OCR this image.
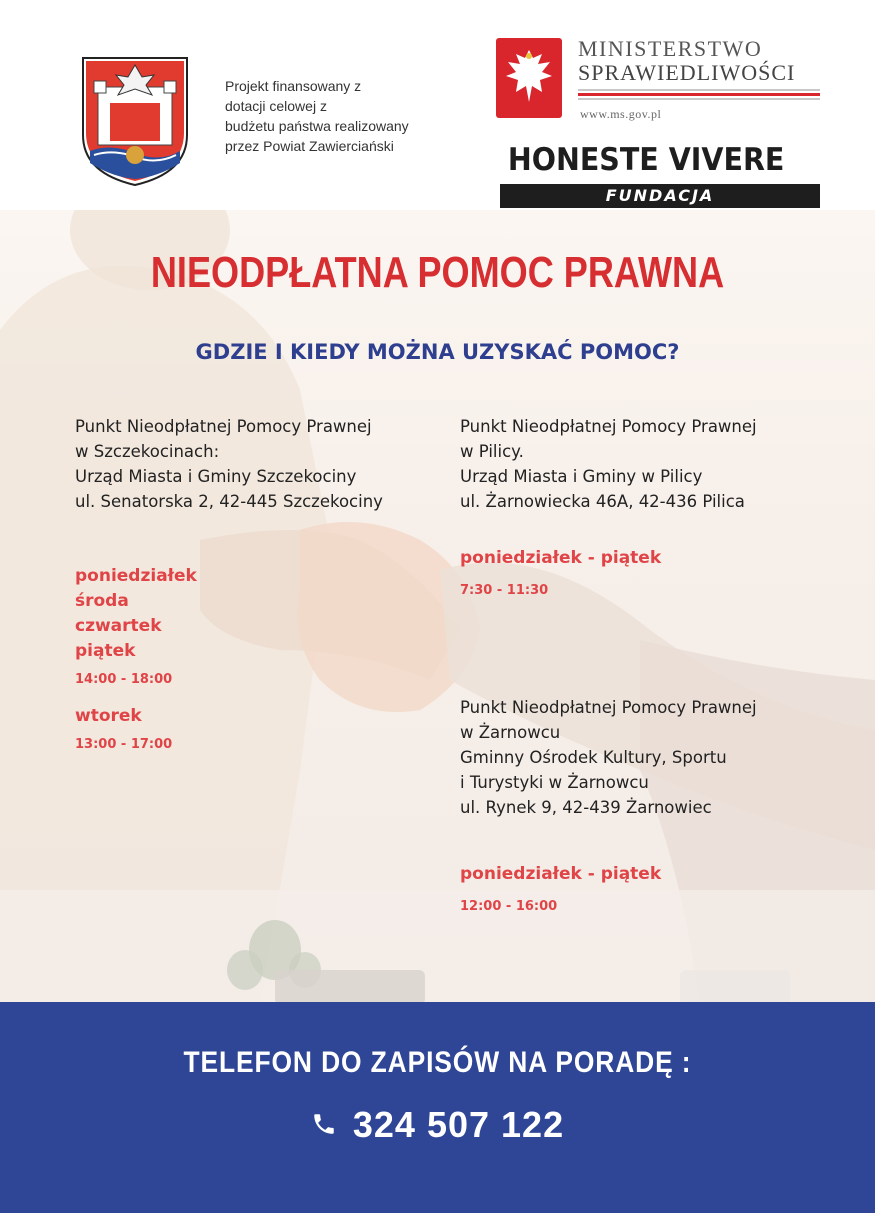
Projekt finansowany z
dotacji celowej z
budżetu państwa realizowany
przez Powiat Zawierciański
MINISTERSTWO
SPRAWIEDLIWOŚCI
www.ms.gov.pl
HONESTE VIVERE
FUNDACJA
NIEODPŁATNA POMOC PRAWNA
GDZIE I KIEDY MOŻNA UZYSKAĆ POMOC?
Punkt Nieodpłatnej Pomocy Prawnej
w Szczekocinach:
Urząd Miasta i Gminy Szczekociny
ul. Senatorska 2, 42-445 Szczekociny
poniedziałek
środa
czwartek
piątek
14:00 - 18:00
wtorek
13:00 - 17:00
Punkt Nieodpłatnej Pomocy Prawnej
w Pilicy.
Urząd Miasta i Gminy w Pilicy
ul. Żarnowiecka 46A, 42-436 Pilica
poniedziałek - piątek
7:30 - 11:30
Punkt Nieodpłatnej Pomocy Prawnej
w Żarnowcu
Gminny Ośrodek Kultury, Sportu
i Turystyki w Żarnowcu
ul. Rynek 9, 42-439 Żarnowiec
poniedziałek - piątek
12:00 - 16:00
TELEFON DO ZAPISÓW NA PORADĘ :
324 507 122
